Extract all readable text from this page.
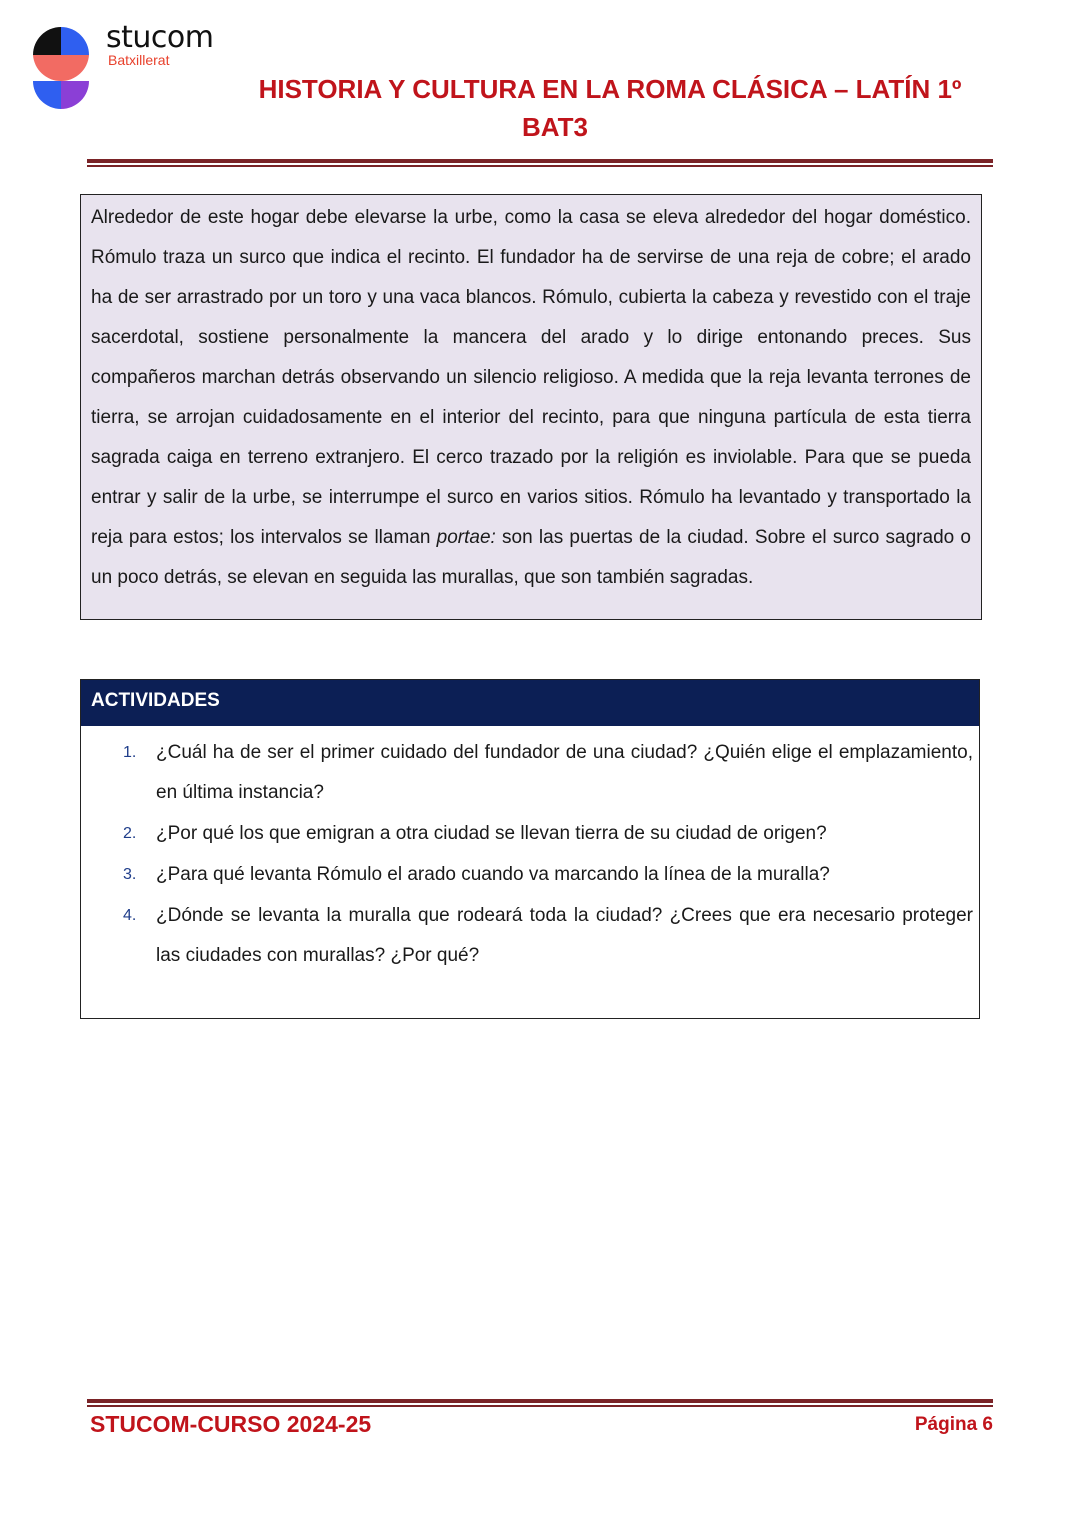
stucom
Batxillerat
HISTORIA Y CULTURA EN LA ROMA CLÁSICA – LATÍN 1º
BAT3

Alrededor de este hogar debe elevarse la urbe, como la casa se eleva alrededor del hogar doméstico. Rómulo traza un surco que indica el recinto. El fundador ha de servirse de una reja de cobre; el arado ha de ser arrastrado por un toro y una vaca blancos. Rómulo, cubierta la cabeza y revestido con el traje sacerdotal, sostiene personalmente la mancera del arado y lo dirige entonando preces. Sus compañeros marchan detrás observando un silencio religioso. A medida que la reja levanta terrones de tierra, se arrojan cuidadosamente en el interior del recinto, para que ninguna partícula de esta tierra sagrada caiga en terreno extranjero. El cerco trazado por la religión es inviolable. Para que se pueda entrar y salir de la urbe, se interrumpe el surco en varios sitios. Rómulo ha levantado y transportado la reja para estos; los intervalos se llaman portae: son las puertas de la ciudad. Sobre el surco sagrado o un poco detrás, se elevan en seguida las murallas, que son también sagradas.

ACTIVIDADES
1. ¿Cuál ha de ser el primer cuidado del fundador de una ciudad? ¿Quién elige el emplazamiento, en última instancia?
2. ¿Por qué los que emigran a otra ciudad se llevan tierra de su ciudad de origen?
3. ¿Para qué levanta Rómulo el arado cuando va marcando la línea de la muralla?
4. ¿Dónde se levanta la muralla que rodeará toda la ciudad? ¿Crees que era necesario proteger las ciudades con murallas? ¿Por qué?
STUCOM-CURSO 2024-25	Página 6
